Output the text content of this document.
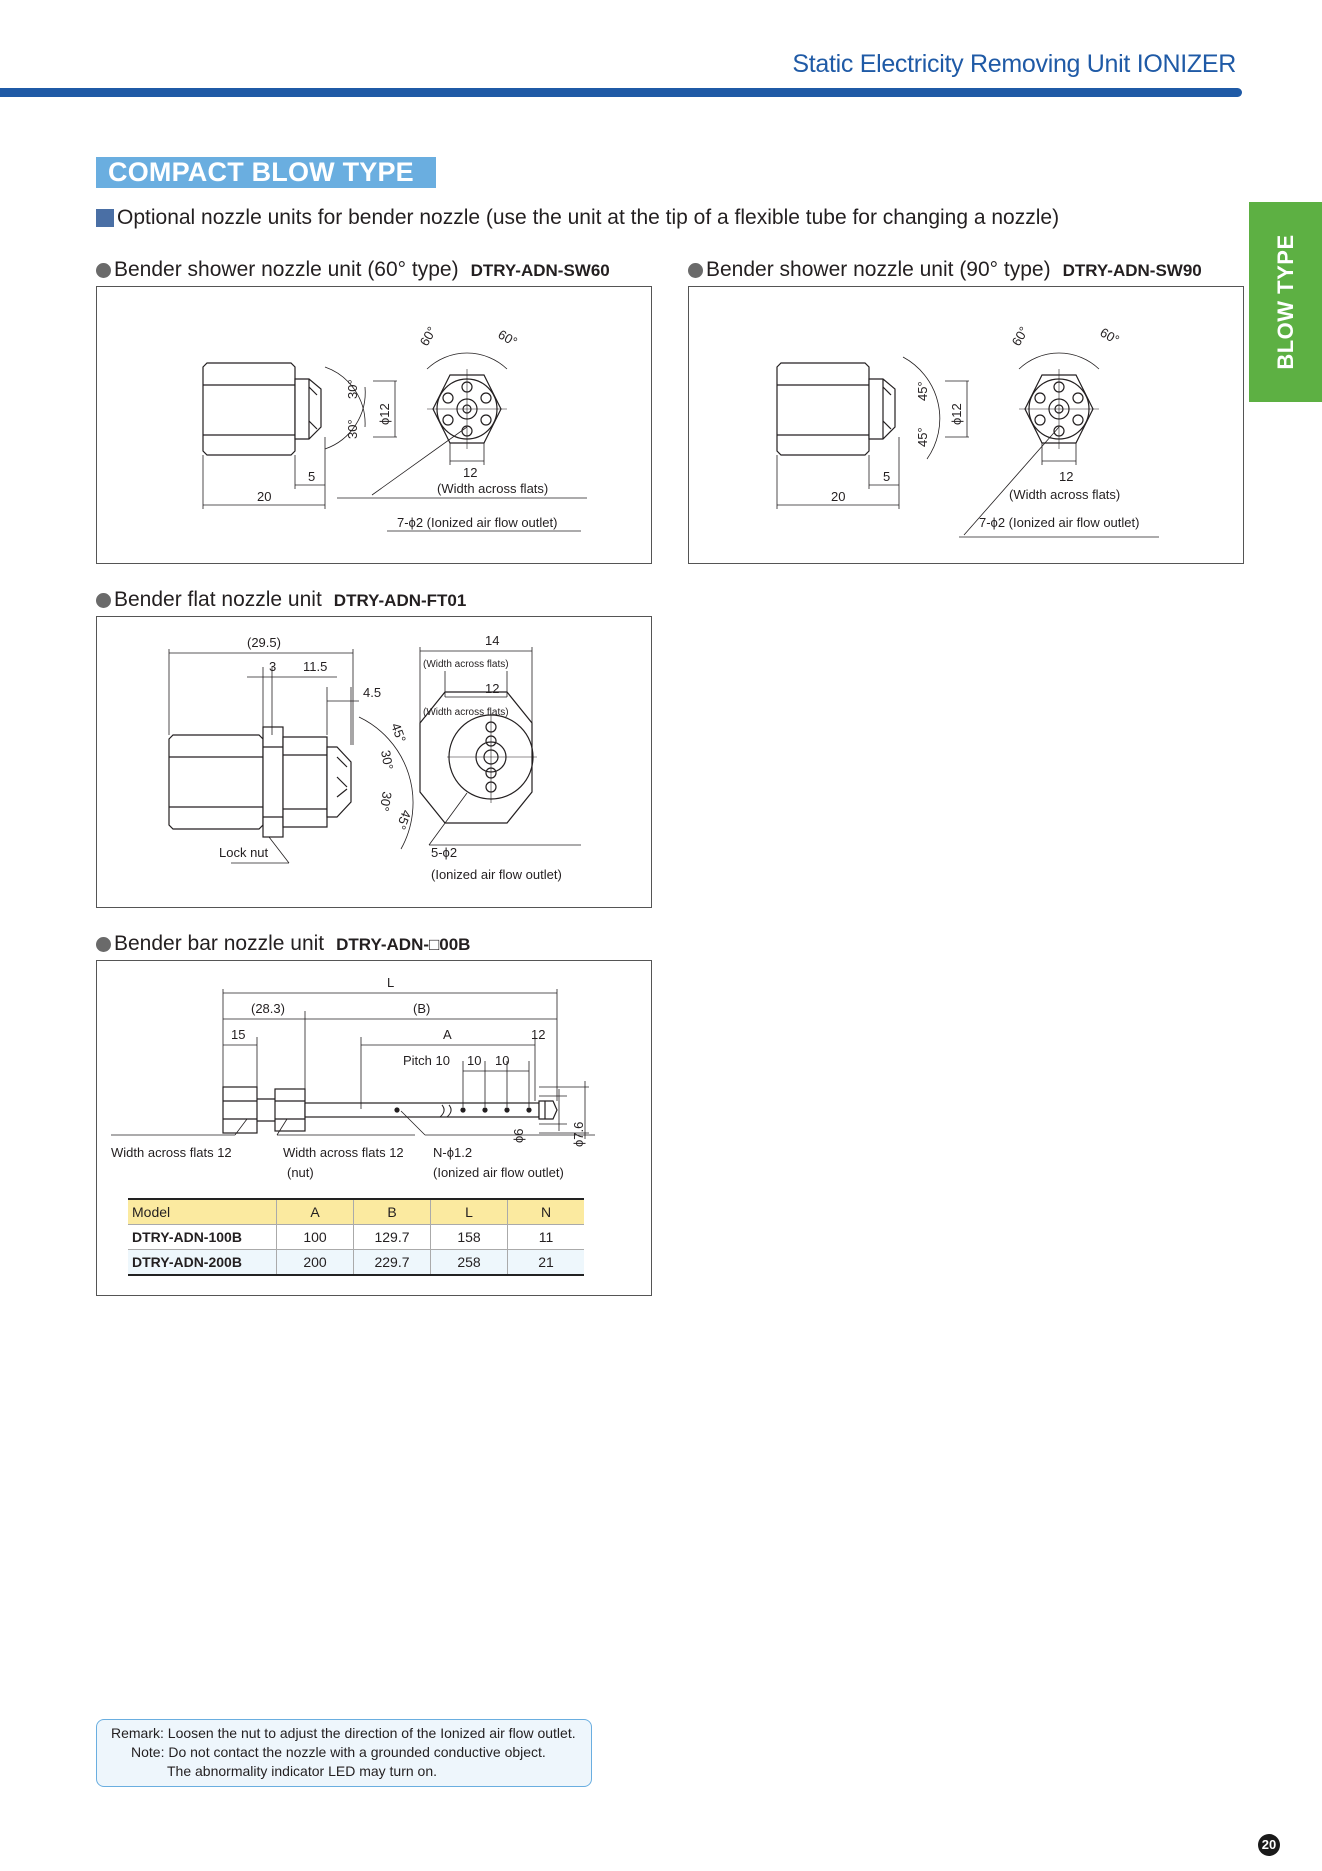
Static Electricity Removing Unit IONIZER
COMPACT BLOW TYPE
Optional nozzle units for bender nozzle (use the unit at the tip of a flexible tube for changing a nozzle)
BLOW TYPE
Bender shower nozzle unit (60° type) DTRY-ADN-SW60
60°	60°
30°
30°
ϕ12
5
20
12
(Width across flats)
7-ϕ2 (Ionized air flow outlet)
Bender shower nozzle unit (90° type) DTRY-ADN-SW90
60°	60°
45°
45°
ϕ12
5
20
12
(Width across flats)
7-ϕ2 (Ionized air flow outlet)
Bender flat nozzle unit DTRY-ADN-FT01
(29.5)
3 11.5
4.5
14
(Width across flats)
12
(Width across flats)
45°
30°
30°
45°
Lock nut	5-ϕ2
(Ionized air flow outlet)
Bender bar nozzle unit DTRY-ADN-□00B
L
(28.3)	(B)
15	A	12
Pitch 10 10 10
ϕ6	ϕ7.6
Width across flats 12	Width across flats 12
(nut)
N-ϕ1.2
(Ionized air flow outlet)
Model	A	B	L	N
DTRY-ADN-100B	100	129.7	158	11
DTRY-ADN-200B	200	229.7	258	21
Remark: Loosen the nut to adjust the direction of the Ionized air flow outlet.
Note: Do not contact the nozzle with a grounded conductive object.
The abnormality indicator LED may turn on.
20
